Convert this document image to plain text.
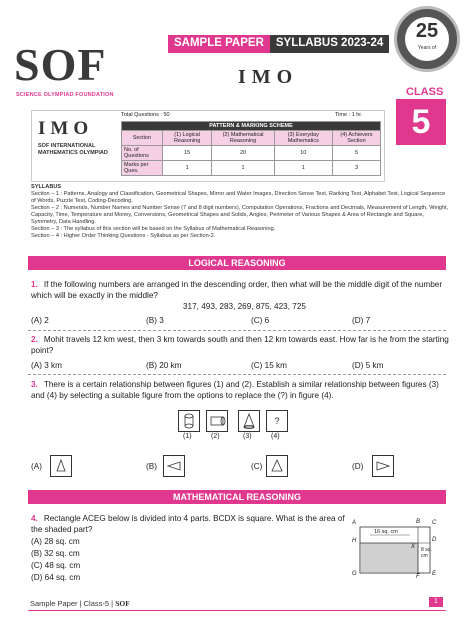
SOF
SCIENCE OLYMPIAD FOUNDATION
SAMPLE PAPER	SYLLABUS 2023-24
IMO
25
Years of
CLASS
5
IMO
SOF INTERNATIONAL
MATHEMATICS OLYMPIAD
Total Questions : 50	Time : 1 hr.
PATTERN & MARKING SCHEME				
Section	(1) Logical Reasoning	(2) Mathematical Reasoning	(3) Everyday Mathematics	(4) Achievers Section
No. of Questions	15	20	10	5
Marks per Ques.	1	1	1	3

SYLLABUS

Section – 1 : Patterns, Analogy and Classification, Geometrical Shapes, Mirror and Water Images, Direction Sense Test, Ranking Test, Alphabet Test, Logical Sequence of Words, Puzzle Test, Coding-Decoding.

Section – 2 : Numerals, Number Names and Number Sense (7 and 8 digit numbers), Computation Operations, Fractions and Decimals, Measurement of Length, Weight, Capacity, Time, Temperature and Money, Conversions, Geometrical Shapes and Solids, Angles, Perimeter of Various Shapes & Area of Rectangle and Square, Symmetry, Data Handling.

Section – 3 : The syllabus of this section will be based on the Syllabus of Mathematical Reasoning.

Section – 4 : Higher Order Thinking Questions - Syllabus as per Section-2.

LOGICAL REASONING
1. If the following numbers are arranged in the descending order, then what will be the middle digit of the number which will be exactly in the middle?
317, 493, 283, 269, 875, 423, 725
(A) 2	(B) 3	(C) 6	(D) 7
2. Mohit travels 12 km west, then 3 km towards south and then 12 km towards east. How far is he from the starting point?
(A) 3 km	(B) 20 km	(C) 15 km	(D) 5 km
3. There is a certain relationship between figures (1) and (2). Establish a similar relationship between figures (3) and (4) by selecting a suitable figure from the options to replace the (?) in figure (4).
?
(1)	(2)	(3)	(4)
(A)	(B)	(C)	(D)
MATHEMATICAL REASONING
4. Rectangle ACEG below is divided into 4 parts. BCDX is square. What is the area of the shaded part?
(A) 28 sq. cm
(B) 32 sq. cm
(C) 48 sq. cm
(D) 64 sq. cm
16 sq. cm
8 sq. cm
A	B C
D
E
F
G
H
X
Sample Paper | Class-5 | SOF	1
